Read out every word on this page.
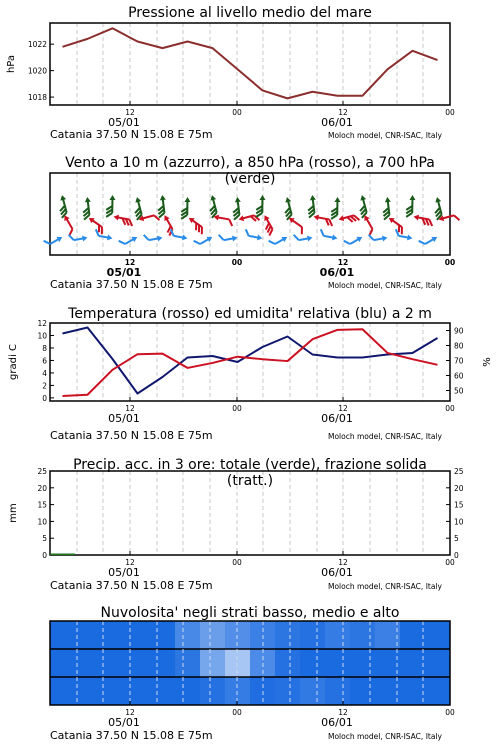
Pressione al livello medio del mare
1018
1020
1022
hPa
12
05/01
00	12
06/01
00
Catania 37.50 N 15.08 E 75m	Moloch model, CNR-ISAC, Italy
Vento a 10 m (azzurro), a 850 hPa (rosso), a 700 hPa (verde)
12
05/01
00	12
06/01
00
Catania 37.50 N 15.08 E 75m	Moloch model, CNR-ISAC, Italy
Temperatura (rosso) ed umidita' relativa (blu) a 2 m
0
2
4
6
8
10
12
50
60
70
80
90
gradi C	%
12
05/01
00	12
06/01
00
Catania 37.50 N 15.08 E 75m	Moloch model, CNR-ISAC, Italy
Precip. acc. in 3 ore: totale (verde), frazione solida (tratt.)
0	0
5	5
10	10
15	15
20	20
25	25
mm
12
05/01
00	12
06/01
00
Catania 37.50 N 15.08 E 75m	Moloch model, CNR-ISAC, Italy
Nuvolosita' negli strati basso, medio e alto
12
05/01
00	12
06/01
00
Catania 37.50 N 15.08 E 75m	Moloch model, CNR-ISAC, Italy
